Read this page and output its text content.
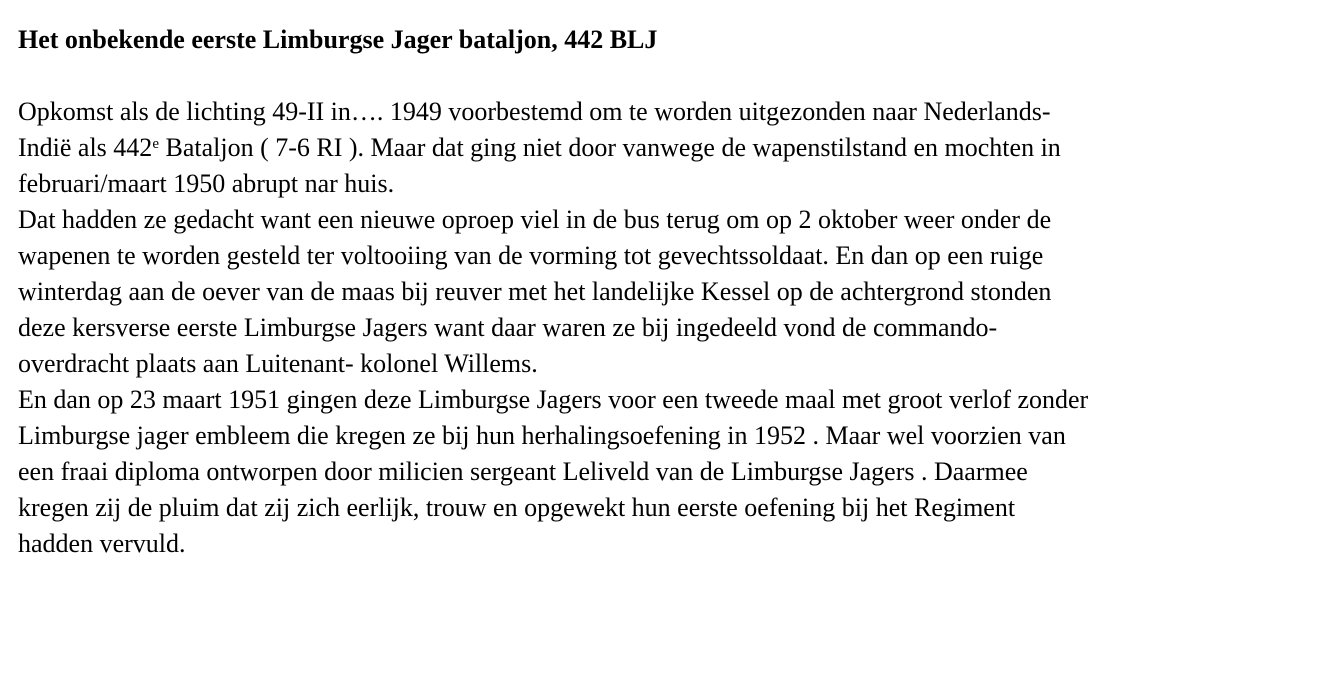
Het onbekende eerste Limburgse Jager bataljon, 442 BLJ

Opkomst als de lichting 49-II in…. 1949 voorbestemd om te worden uitgezonden naar Nederlands-

Indië als 442e Bataljon ( 7-6 RI ). Maar dat ging niet door vanwege de wapenstilstand en mochten in

februari/maart 1950 abrupt nar huis.

Dat hadden ze gedacht want een nieuwe oproep viel in de bus terug om op 2 oktober weer onder de

wapenen te worden gesteld ter voltooiing van de vorming tot gevechtssoldaat. En dan op een ruige

winterdag aan de oever van de maas bij reuver met het landelijke Kessel op de achtergrond stonden

deze kersverse eerste Limburgse Jagers want daar waren ze bij ingedeeld vond de commando-

overdracht plaats aan Luitenant- kolonel Willems.

En dan op 23 maart 1951 gingen deze Limburgse Jagers voor een tweede maal met groot verlof zonder

Limburgse jager embleem die kregen ze bij hun herhalingsoefening in 1952 . Maar wel voorzien van

een fraai diploma ontworpen door milicien sergeant Leliveld van de Limburgse Jagers . Daarmee

kregen zij de pluim dat zij zich eerlijk, trouw en opgewekt hun eerste oefening bij het Regiment

hadden vervuld.
